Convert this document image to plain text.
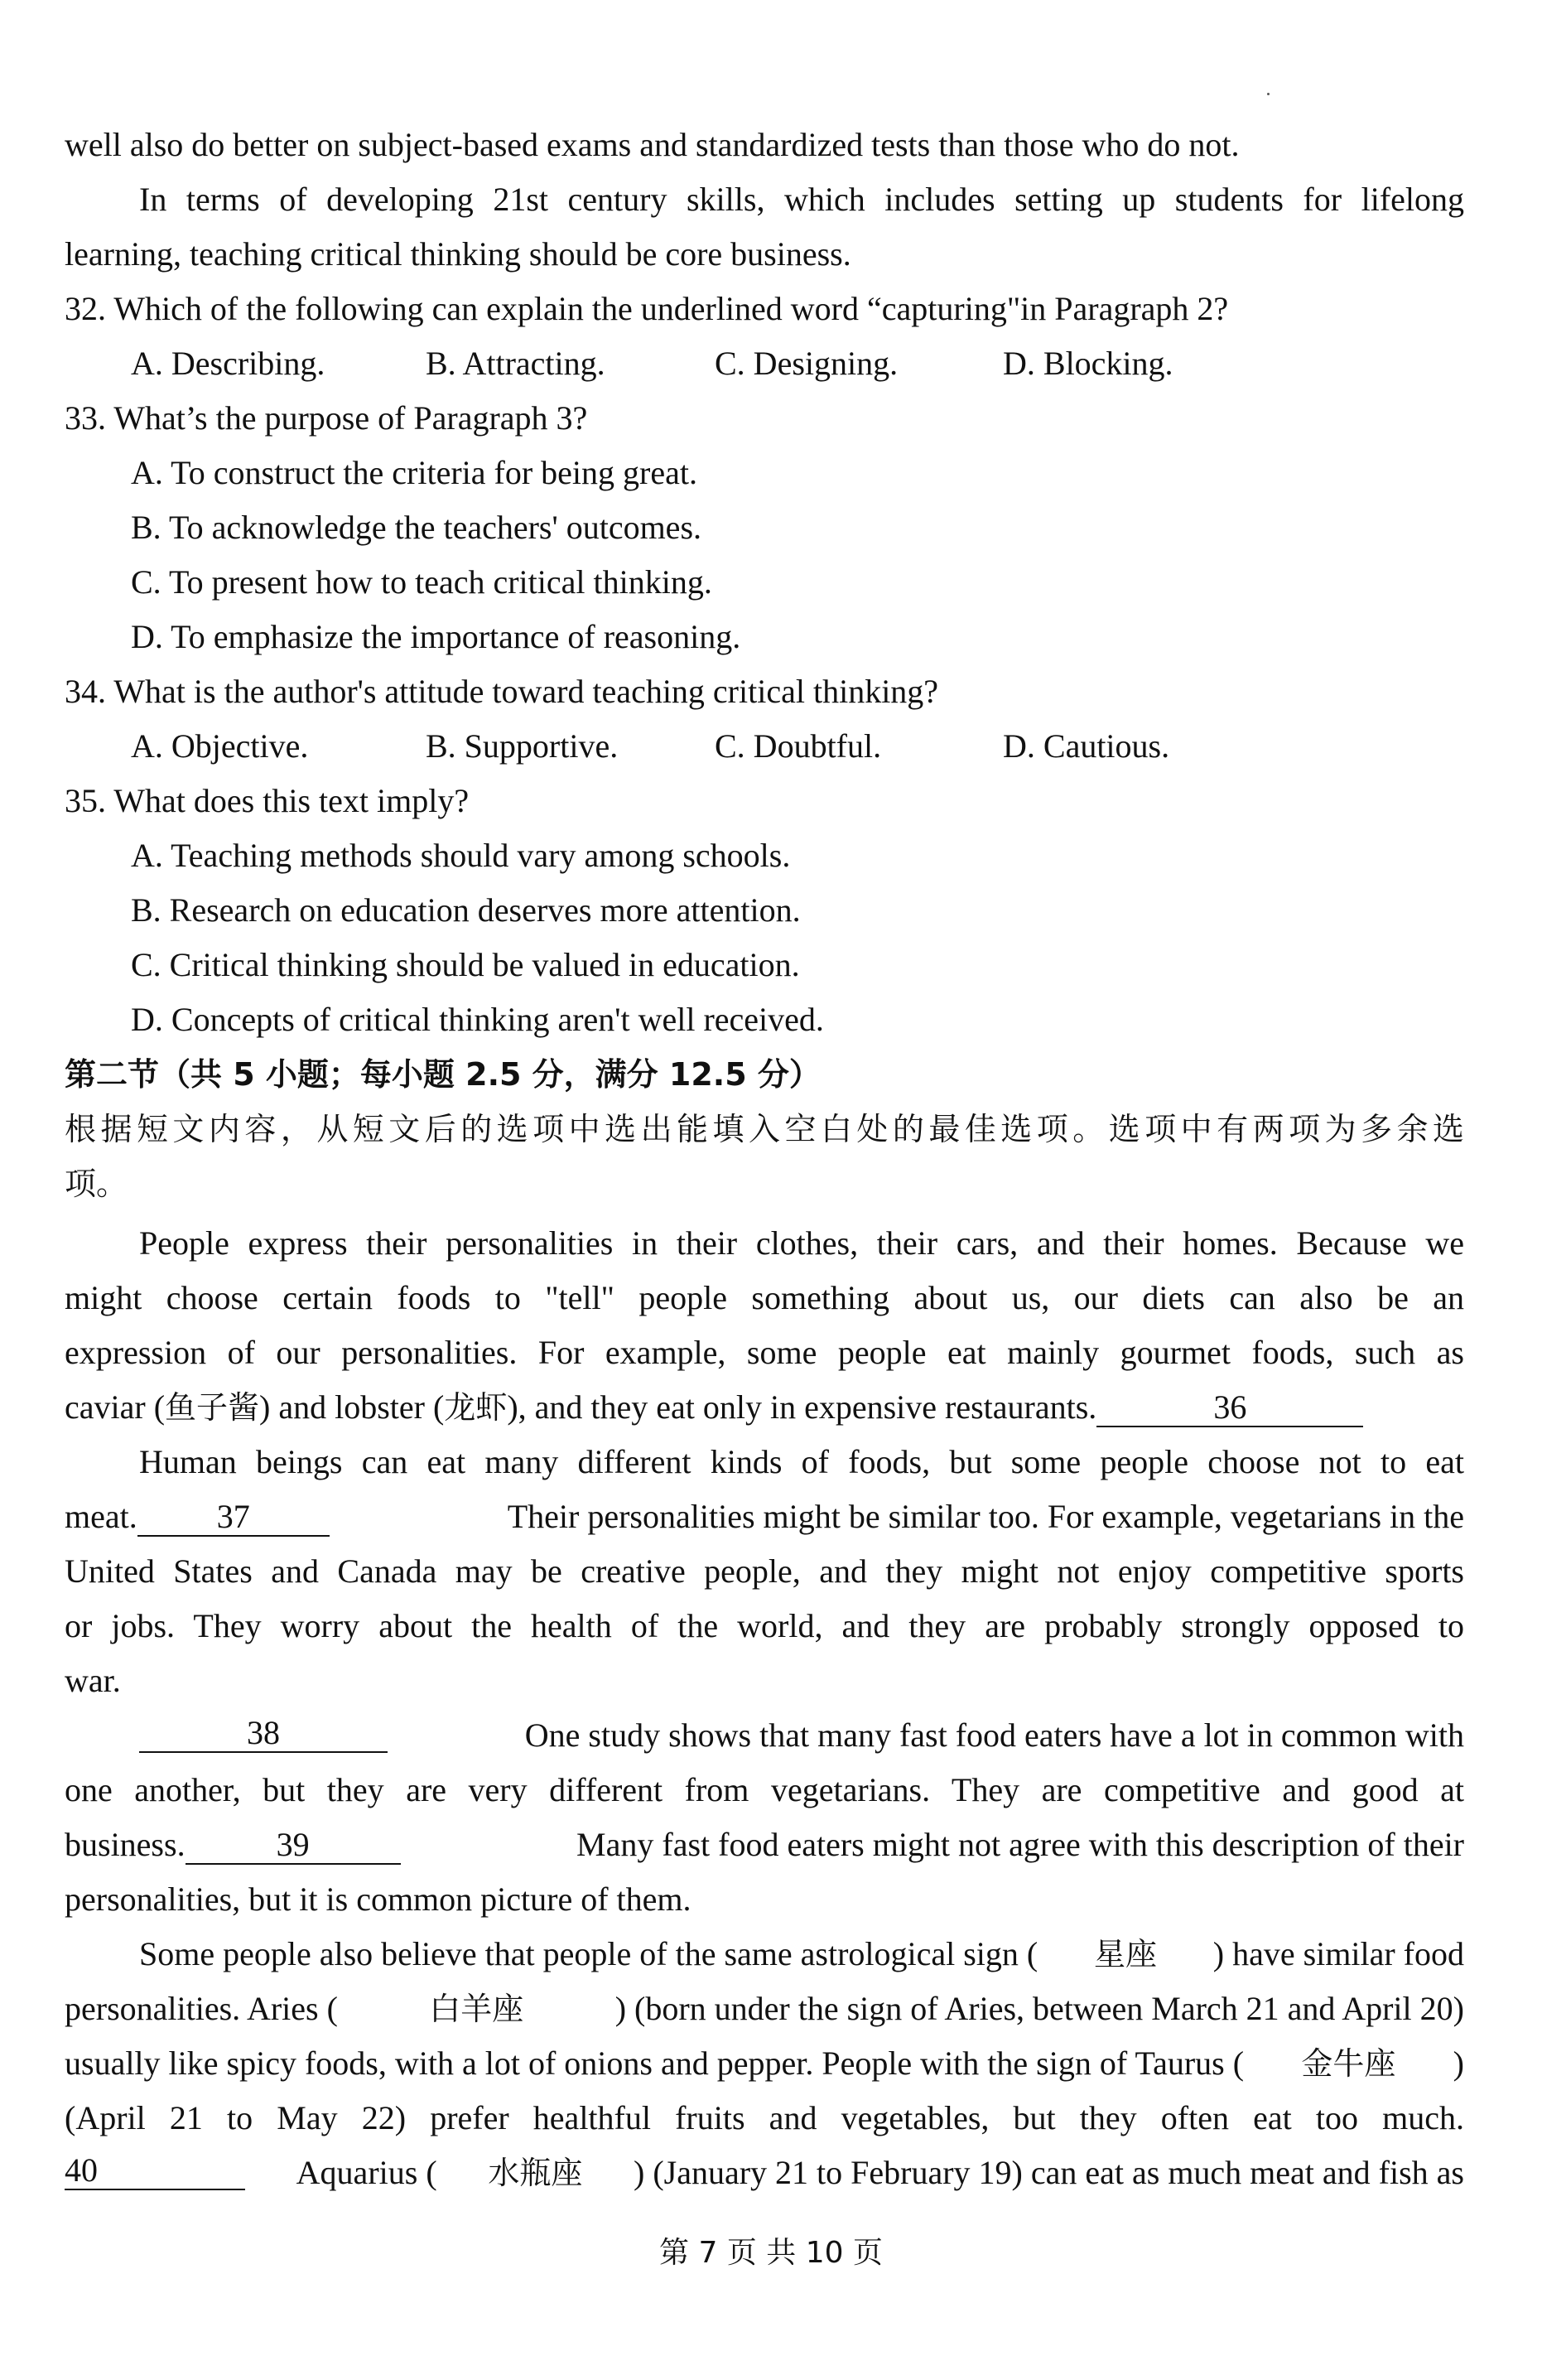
well also do better on subject-based exams and standardized tests than those who do not.
In terms of developing 21st century skills, which includes setting up students for lifelong
learning, teaching critical thinking should be core business.
32. Which of the following can explain the underlined word “capturing"in Paragraph 2?
A. Describing.	B. Attracting.	C. Designing.	D. Blocking.
33. What’s the purpose of Paragraph 3?
A. To construct the criteria for being great.
B. To acknowledge the teachers' outcomes.
C. To present how to teach critical thinking.
D. To emphasize the importance of reasoning.
34. What is the author's attitude toward teaching critical thinking?
A. Objective.	B. Supportive.	C. Doubtful.	D. Cautious.
35. What does this text imply?
A. Teaching methods should vary among schools.
B. Research on education deserves more attention.
C. Critical thinking should be valued in education.
D. Concepts of critical thinking aren't well received.
第二节（共 5 小题；每小题 2.5 分，满分 12.5 分）
根据短文内容，从短文后的选项中选出能填入空白处的最佳选项。选项中有两项为多余选
项。
People express their personalities in their clothes, their cars, and their homes. Because we
might choose certain foods to "tell" people something about us, our diets can also be an
expression of our personalities. For example, some people eat mainly gourmet foods, such as
caviar (鱼子酱) and lobster (龙虾), and they eat only in expensive restaurants.	36
Human beings can eat many different kinds of foods, but some people choose not to eat
meat. 37	Their personalities might be similar too. For example, vegetarians in the
United States and Canada may be creative people, and they might not enjoy competitive sports
or jobs. They worry about the health of the world, and they are probably strongly opposed to
war.
38	One study shows that many fast food eaters have a lot in common with
one another, but they are very different from vegetarians. They are competitive and good at
business.	39	Many fast food eaters might not agree with this description of their
personalities, but it is common picture of them.
Some people also believe that people of the same astrological sign ( 星座 ) have similar food
personalities. Aries (	白羊座	) (born under the sign of Aries, between March 21 and April 20)
usually like spicy foods, with a lot of onions and pepper. People with the sign of Taurus ( 金牛座 )
(April 21 to May 22) prefer healthful fruits and vegetables, but they often eat too much.
40	Aquarius ( 水瓶座 ) (January 21 to February 19) can eat as much meat and fish as
第 7 页 共 10 页
